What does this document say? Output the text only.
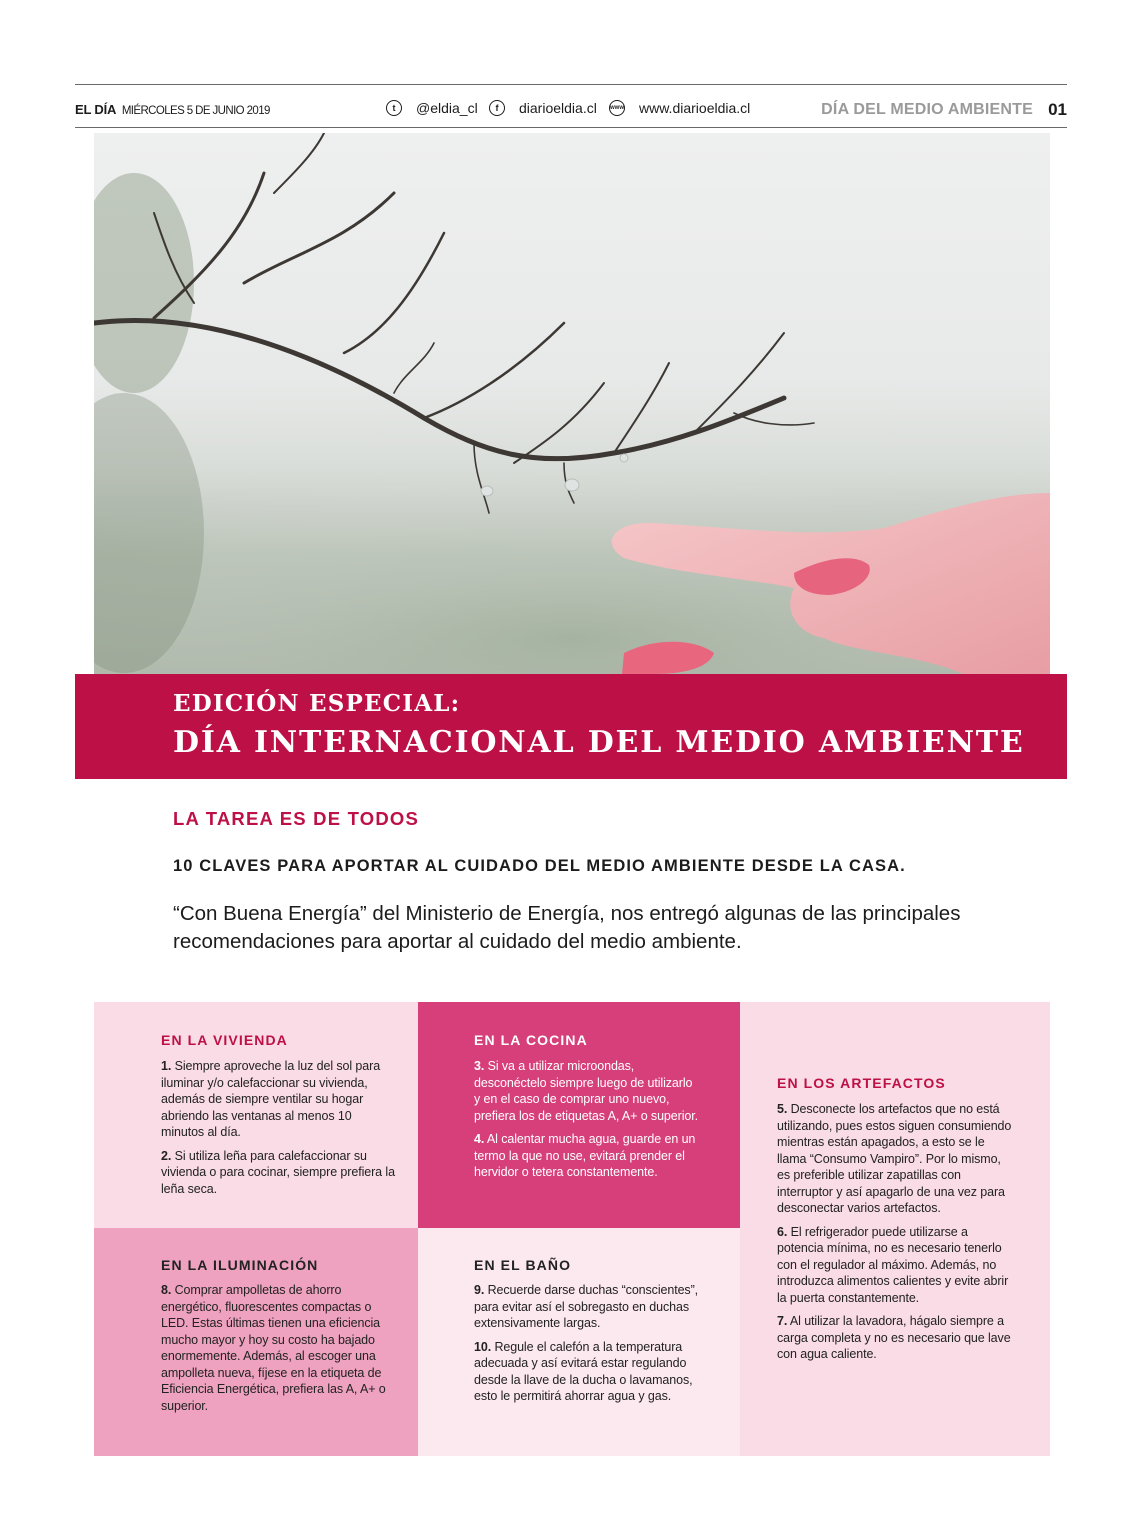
EL DÍA MIÉRCOLES 5 DE JUNIO 2019	t	@eldia_cl	f	diarioeldia.cl www www.diarioeldia.cl	DÍA DEL MEDIO AMBIENTE 01
EDICIÓN ESPECIAL:
DÍA INTERNACIONAL DEL MEDIO AMBIENTE
LA TAREA ES DE TODOS
10 CLAVES PARA APORTAR AL CUIDADO DEL MEDIO AMBIENTE DESDE LA CASA.
“Con Buena Energía” del Ministerio de Energía, nos entregó algunas de las principales recomendaciones para aportar al cuidado del medio ambiente.
EN LA VIVIENDA

1. Siempre aproveche la luz del sol para iluminar y/o calefaccionar su vivienda, además de siempre ventilar su hogar abriendo las ventanas al menos 10 minutos al día.

2. Si utiliza leña para calefaccionar su vivienda o para cocinar, siempre prefiera la leña seca.

EN LA COCINA

3. Si va a utilizar microondas, desconéctelo siempre luego de utilizarlo y en el caso de comprar uno nuevo, prefiera los de etiquetas A, A+ o superior.

4. Al calentar mucha agua, guarde en un termo la que no use, evitará prender el hervidor o tetera constantemente.

EN LOS ARTEFACTOS

5. Desconecte los artefactos que no está utilizando, pues estos siguen consumiendo mientras están apagados, a esto se le llama “Consumo Vampiro”. Por lo mismo, es preferible utilizar zapatillas con interruptor y así apagarlo de una vez para desconectar varios artefactos.

6. El refrigerador puede utilizarse a potencia mínima, no es necesario tenerlo con el regulador al máximo. Además, no introduzca alimentos calientes y evite abrir la puerta constantemente.

7. Al utilizar la lavadora, hágalo siempre a carga completa y no es necesario que lave con agua caliente.

EN LA ILUMINACIÓN

8. Comprar ampolletas de ahorro energético, fluorescentes compactas o LED. Estas últimas tienen una eficiencia mucho mayor y hoy su costo ha bajado enormemente. Además, al escoger una ampolleta nueva, fíjese en la etiqueta de Eficiencia Energética, prefiera las A, A+ o superior.

EN EL BAÑO

9. Recuerde darse duchas “conscientes”, para evitar así el sobregasto en duchas extensivamente largas.

10. Regule el calefón a la temperatura adecuada y así evitará estar regulando desde la llave de la ducha o lavamanos, esto le permitirá ahorrar agua y gas.
